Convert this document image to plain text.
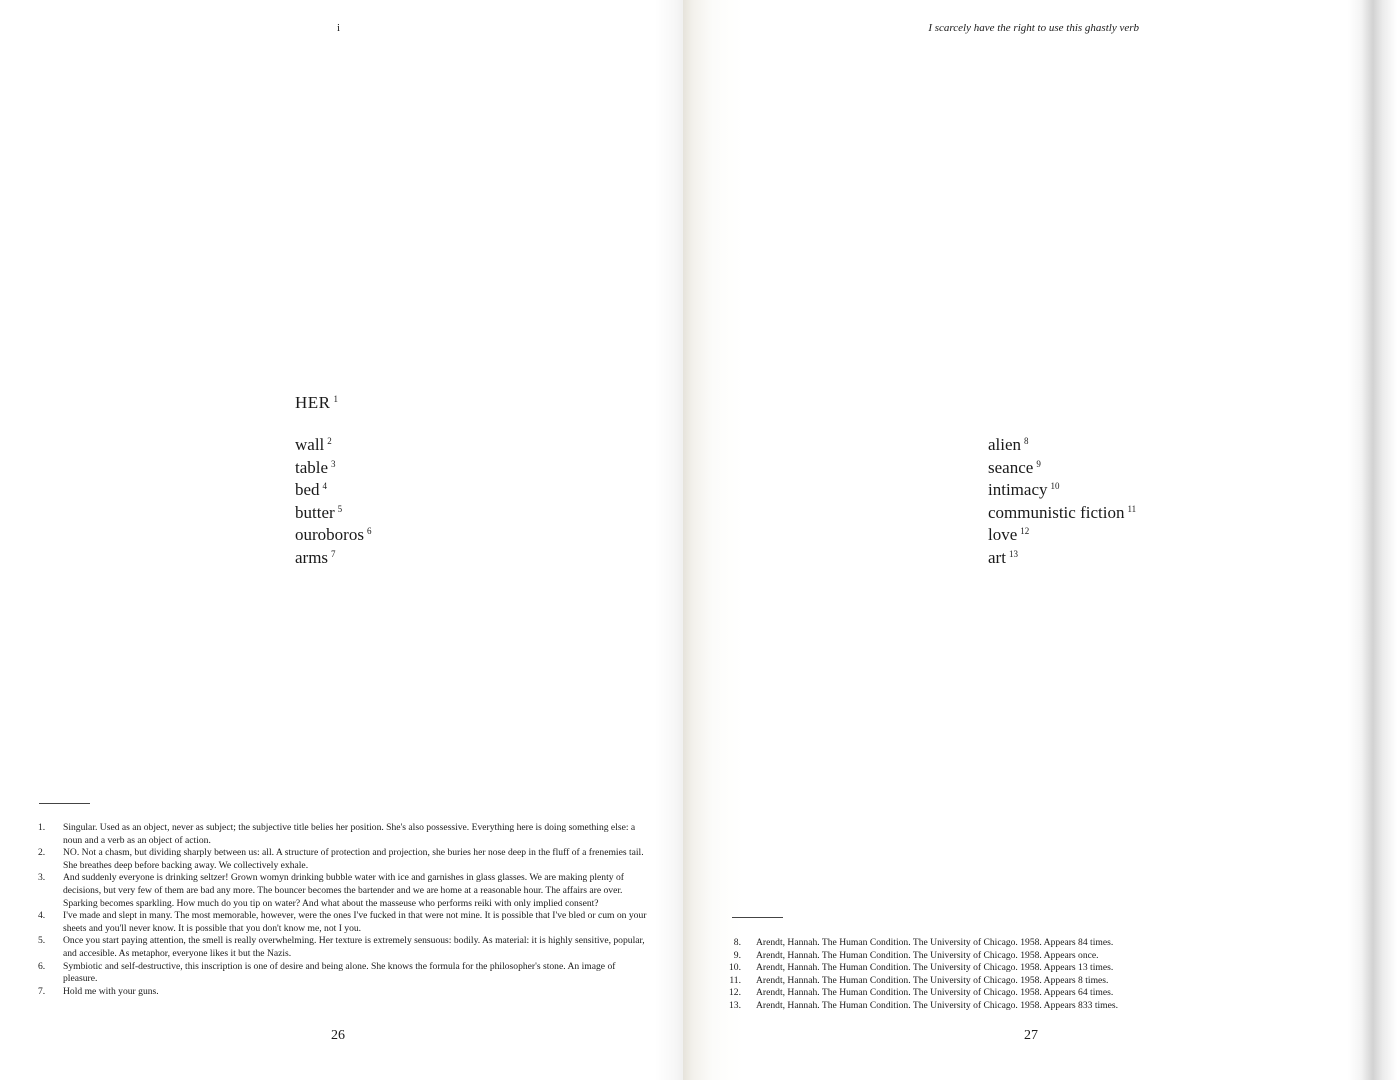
i
HER $^1$
wall $^2$
table $^3$
bed $^4$
butter $^5$
ouroboros $^6$
arms $^7$
1. Singular. Used as an object, never as subject; the subjective title belies her position. She's also possessive. Everything here is doing something else: a noun and a verb as an object of action.
2. NO. Not a chasm, but dividing sharply between us: all. A structure of protection and projection, she buries her nose deep in the fluff of a frenemies tail. She breathes deep before backing away. We collectively exhale.
3. And suddenly everyone is drinking seltzer! Grown womyn drinking bubble water with ice and garnishes in glass glasses. We are making plenty of decisions, but very few of them are bad any more. The bouncer becomes the bartender and we are home at a reasonable hour. The affairs are over. Sparking becomes sparkling. How much do you tip on water? And what about the masseuse who performs reiki with only implied consent?
4. I've made and slept in many. The most memorable, however, were the ones I've fucked in that were not mine. It is possible that I've bled or cum on your sheets and you'll never know. It is possible that you don't know me, not I you.
5. Once you start paying attention, the smell is really overwhelming. Her texture is extremely sensuous: bodily. As material: it is highly sensitive, popular, and accesible. As metaphor, everyone likes it but the Nazis.
6. Symbiotic and self-destructive, this inscription is one of desire and being alone. She knows the formula for the philosopher's stone. An image of pleasure.
7. Hold me with your guns.
26
I scarcely have the right to use this ghastly verb
alien $^8$
seance $^9$
intimacy $^{10}$
communistic fiction $^{11}$
love $^{12}$
art $^{13}$
8. Arendt, Hannah. The Human Condition. The University of Chicago. 1958. Appears 84 times.
9. Arendt, Hannah. The Human Condition. The University of Chicago. 1958. Appears once.
10. Arendt, Hannah. The Human Condition. The University of Chicago. 1958. Appears 13 times.
11. Arendt, Hannah. The Human Condition. The University of Chicago. 1958. Appears 8 times.
12. Arendt, Hannah. The Human Condition. The University of Chicago. 1958. Appears 64 times.
13. Arendt, Hannah. The Human Condition. The University of Chicago. 1958. Appears 833 times.
27
